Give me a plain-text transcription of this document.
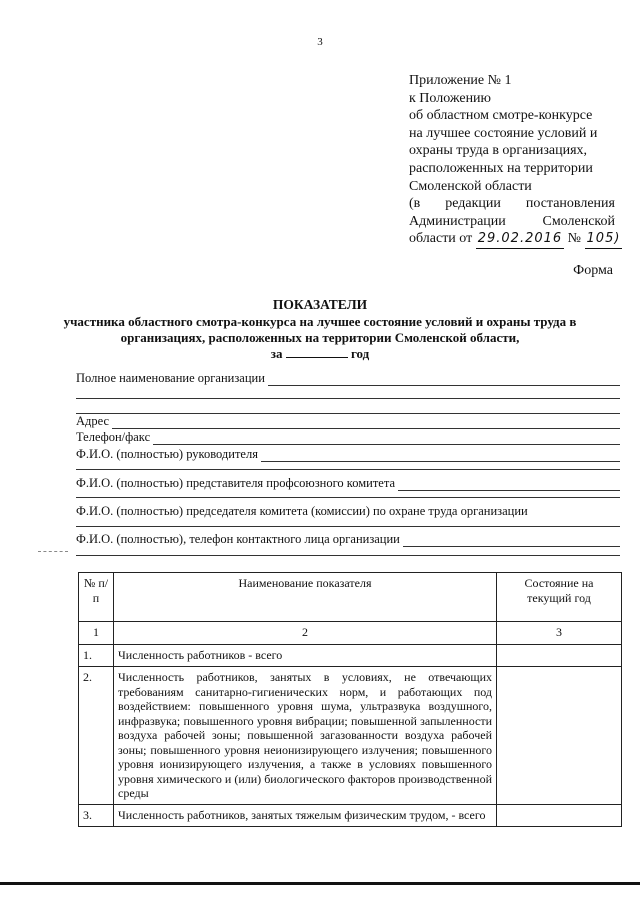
3
Приложение № 1
к Положению
об областном смотре-конкурсе
на лучшее состояние условий и
охраны труда в организациях,
расположенных на территории
Смоленской области
(в редакции постановления
Администрации	Смоленской
области от 29.02.2016 № 105)
Форма
ПОКАЗАТЕЛИ
участника областного смотра-конкурса на лучшее состояние условий и охраны труда в
организациях, расположенных на территории Смоленской области,
за	год
Полное наименование организации
Адрес
Телефон/факс
Ф.И.О. (полностью) руководителя
Ф.И.О. (полностью) представителя профсоюзного комитета
Ф.И.О. (полностью) председателя комитета (комиссии) по охране труда организации
Ф.И.О. (полностью), телефон контактного лица организации
№ п/п	Наименование показателя	Состояние на текущий год
1	2	3
1.	Численность работников - всего	
2.	Численность работников, занятых в условиях, не отвечающих требованиям санитарно-гигиенических норм, и работающих под воздействием: повышенного уровня шума, ультразвука воздушного, инфразвука; повышенного уровня вибрации; повышенной запыленности воздуха рабочей зоны; повышенной загазованности воздуха рабочей зоны; повышенного уровня неионизирующего излучения; повышенного уровня ионизирующего излучения, а также в условиях повышенного уровня химического и (или) биологического факторов производственной среды	
3.	Численность работников, занятых тяжелым физическим трудом, - всего	
